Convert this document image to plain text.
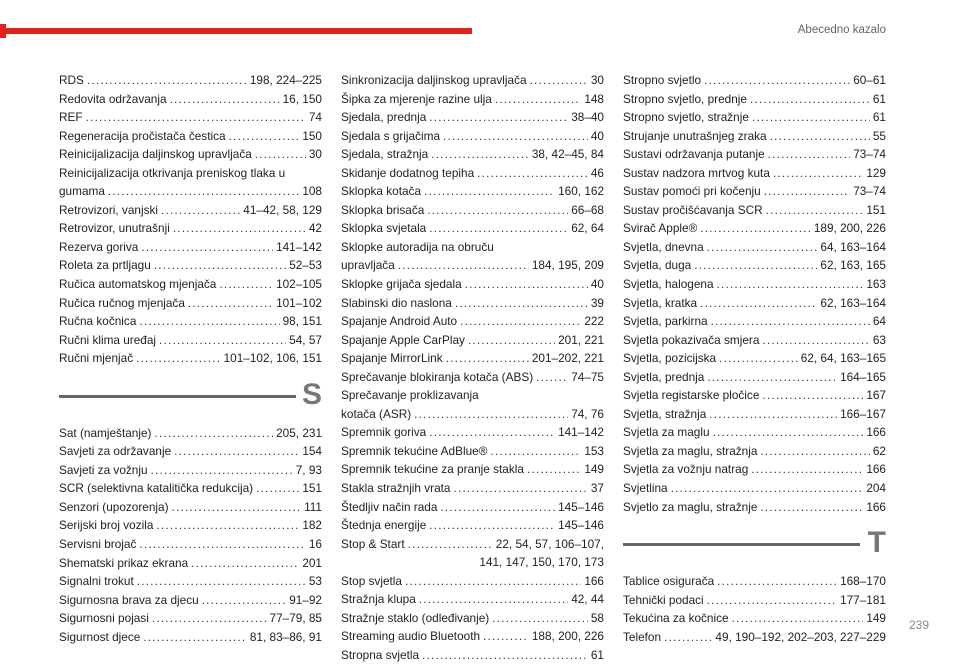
Abecedno kazalo
RDS .....	198, 224–225
Redovita održavanja .....	16, 150
REF .....	74
Regeneracija pročistača čestica .....	150
Reinicijalizacija daljinskog upravljača .....	30
Reinicijalizacija otkrivanja preniskog tlaka u
gumama .....	108
Retrovizori, vanjski .....	41–42, 58, 129
Retrovizor, unutrašnji .....	42
Rezerva goriva .....	141–142
Roleta za prtljagu .....	52–53
Ručica automatskog mjenjača .....	102–105
Ručica ručnog mjenjača .....	101–102
Ručna kočnica .....	98, 151
Ručni klima uređaj .....	54, 57
Ručni mjenjač .....	101–102, 106, 151
S
Sat (namještanje) .....	205, 231
Savjeti za održavanje .....	154
Savjeti za vožnju .....	7, 93
SCR (selektivna katalitička redukcija) .....	151
Senzori (upozorenja) .....	111
Serijski broj vozila .....	182
Servisni brojač .....	16
Shematski prikaz ekrana .....	201
Signalni trokut .....	53
Sigurnosna brava za djecu .....	91–92
Sigurnosni pojasi .....	77–79, 85
Sigurnost djece .....	81, 83–86, 91
Sinkronizacija daljinskog upravljača .....	30
Šipka za mjerenje razine ulja .....	148
Sjedala, prednja .....	38–40
Sjedala s grijačima .....	40
Sjedala, stražnja .....	38, 42–45, 84
Skidanje dodatnog tepiha .....	46
Sklopka kotača .....	160, 162
Sklopka brisača .....	66–68
Sklopka svjetala .....	62, 64
Sklopke autoradija na obruču
upravljača .....	184, 195, 209
Sklopke grijača sjedala .....	40
Slabinski dio naslona .....	39
Spajanje Android Auto .....	222
Spajanje Apple CarPlay .....	201, 221
Spajanje MirrorLink .....	201–202, 221
Sprečavanje blokiranja kotača (ABS) .....	74–75
Sprečavanje proklizavanja
kotača (ASR) .....	74, 76
Spremnik goriva .....	141–142
Spremnik tekućine AdBlue® .....	153
Spremnik tekućine za pranje stakla .....	149
Stakla stražnjih vrata .....	37
Štedljiv način rada .....	145–146
Štednja energije .....	145–146
Stop & Start .....	22, 54, 57, 106–107,
141, 147, 150, 170, 173
Stop svjetla .....	166
Stražnja klupa .....	42, 44
Stražnje staklo (odleđivanje) .....	58
Streaming audio Bluetooth .....	188, 200, 226
Stropna svjetla .....	61
Stropno svjetlo .....	60–61
Stropno svjetlo, prednje .....	61
Stropno svjetlo, stražnje .....	61
Strujanje unutrašnjeg zraka .....	55
Sustavi održavanja putanje .....	73–74
Sustav nadzora mrtvog kuta .....	129
Sustav pomoći pri kočenju .....	73–74
Sustav pročišćavanja SCR .....	151
Svirač Apple® .....	189, 200, 226
Svjetla, dnevna .....	64, 163–164
Svjetla, duga .....	62, 163, 165
Svjetla, halogena .....	163
Svjetla, kratka .....	62, 163–164
Svjetla, parkirna .....	64
Svjetla pokazivača smjera .....	63
Svjetla, pozicijska .....	62, 64, 163–165
Svjetla, prednja .....	164–165
Svjetla registarske pločice .....	167
Svjetla, stražnja .....	166–167
Svjetla za maglu .....	166
Svjetla za maglu, stražnja .....	62
Svjetla za vožnju natrag .....	166
Svjetlina .....	204
Svjetlo za maglu, stražnje .....	166
T
Tablice osigurača .....	168–170
Tehnički podaci .....	177–181
Tekućina za kočnice .....	149
Telefon .....	49, 190–192, 202–203, 227–229
239
